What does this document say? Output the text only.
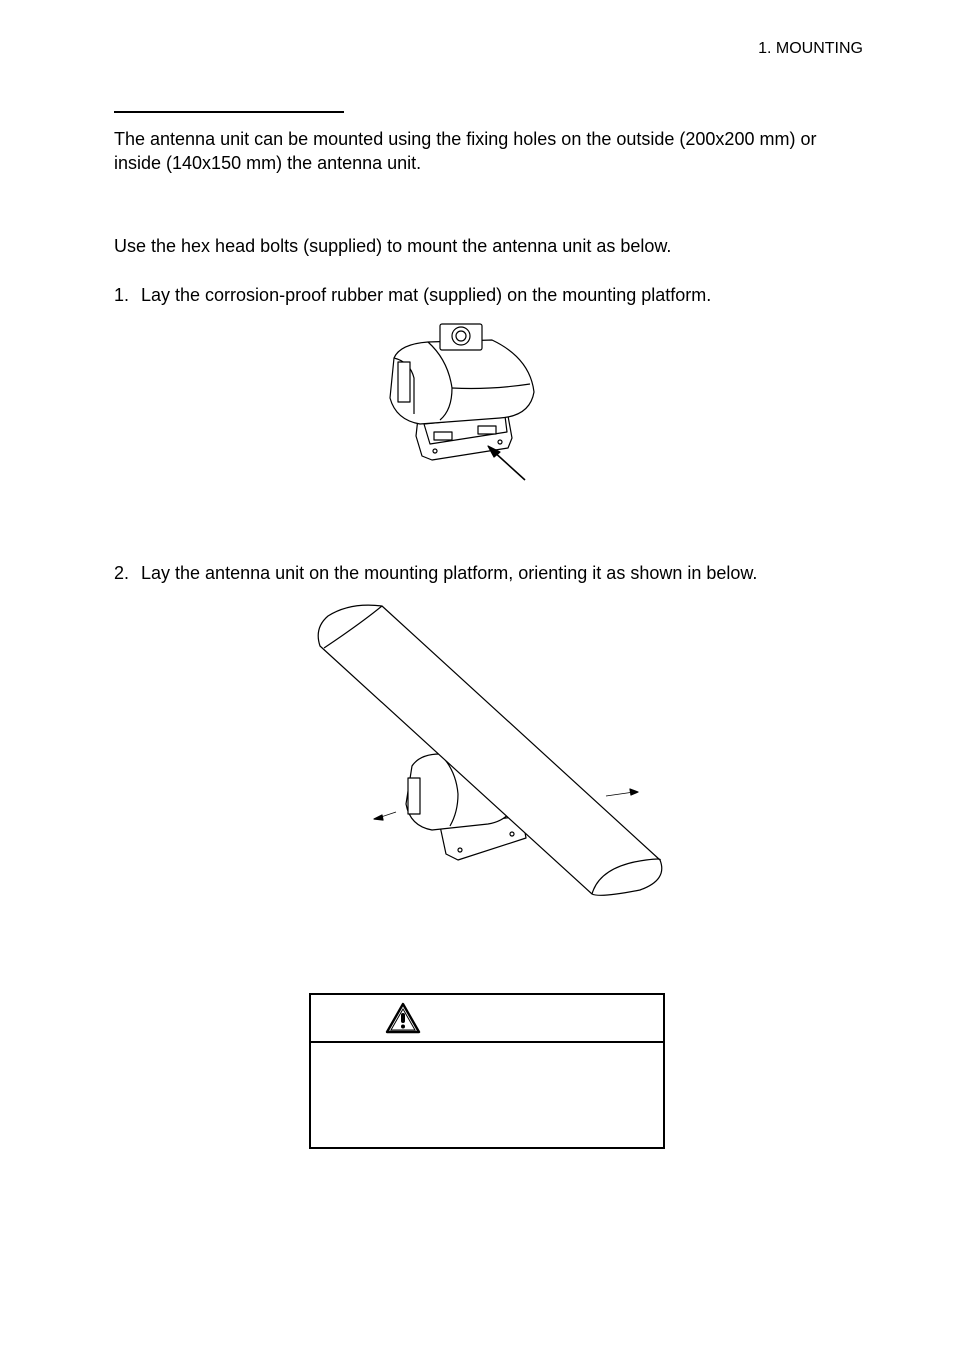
1. MOUNTING
The antenna unit can be mounted using the fixing holes on the outside (200x200 mm) or inside (140x150 mm) the antenna unit.
Use the hex head bolts (supplied) to mount the antenna unit as below.
1. Lay the corrosion-proof rubber mat (supplied) on the mounting platform.
2. Lay the antenna unit on the mounting platform, orienting it as shown in below.
